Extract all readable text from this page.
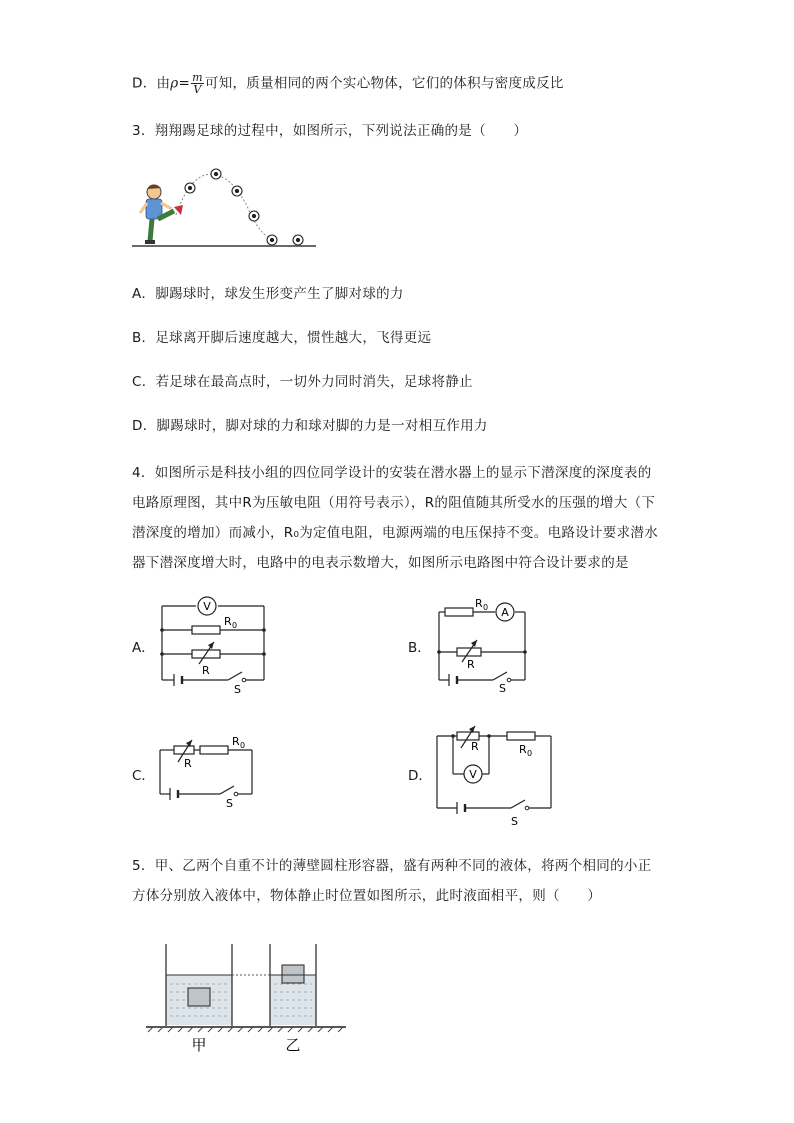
D．由$\rho= \frac{m}{V}$ 可知，质量相同的两个实心物体，它们的体积与密度成反比
3．翔翔踢足球的过程中，如图所示，下列说法正确的是（　　）
A．脚踢球时，球发生形变产生了脚对球的力
B．足球离开脚后速度越大，惯性越大，飞得更远
C．若足球在最高点时，一切外力同时消失，足球将静止
D．脚踢球时，脚对球的力和球对脚的力是一对相互作用力
4．如图所示是科技小组的四位同学设计的安装在潜水器上的显示下潜深度的深度表的
电路原理图，其中R为压敏电阻（用符号表示），R的阻值随其所受水的压强的增大（下
潜深度的增加）而减小，R₀为定值电阻，电源两端的电压保持不变。电路设计要求潜水
器下潜深度增大时，电路中的电表示数增大，如图所示电路图中符合设计要求的是
A．	B．
C．	D．
V
R 0
R
S
A
R 0
R
S
R 0
R
S
V
R 0
R
S
5．甲、乙两个自重不计的薄壁圆柱形容器，盛有两种不同的液体，将两个相同的小正
方体分别放入液体中，物体静止时位置如图所示，此时液面相平，则（　　）
甲	乙
